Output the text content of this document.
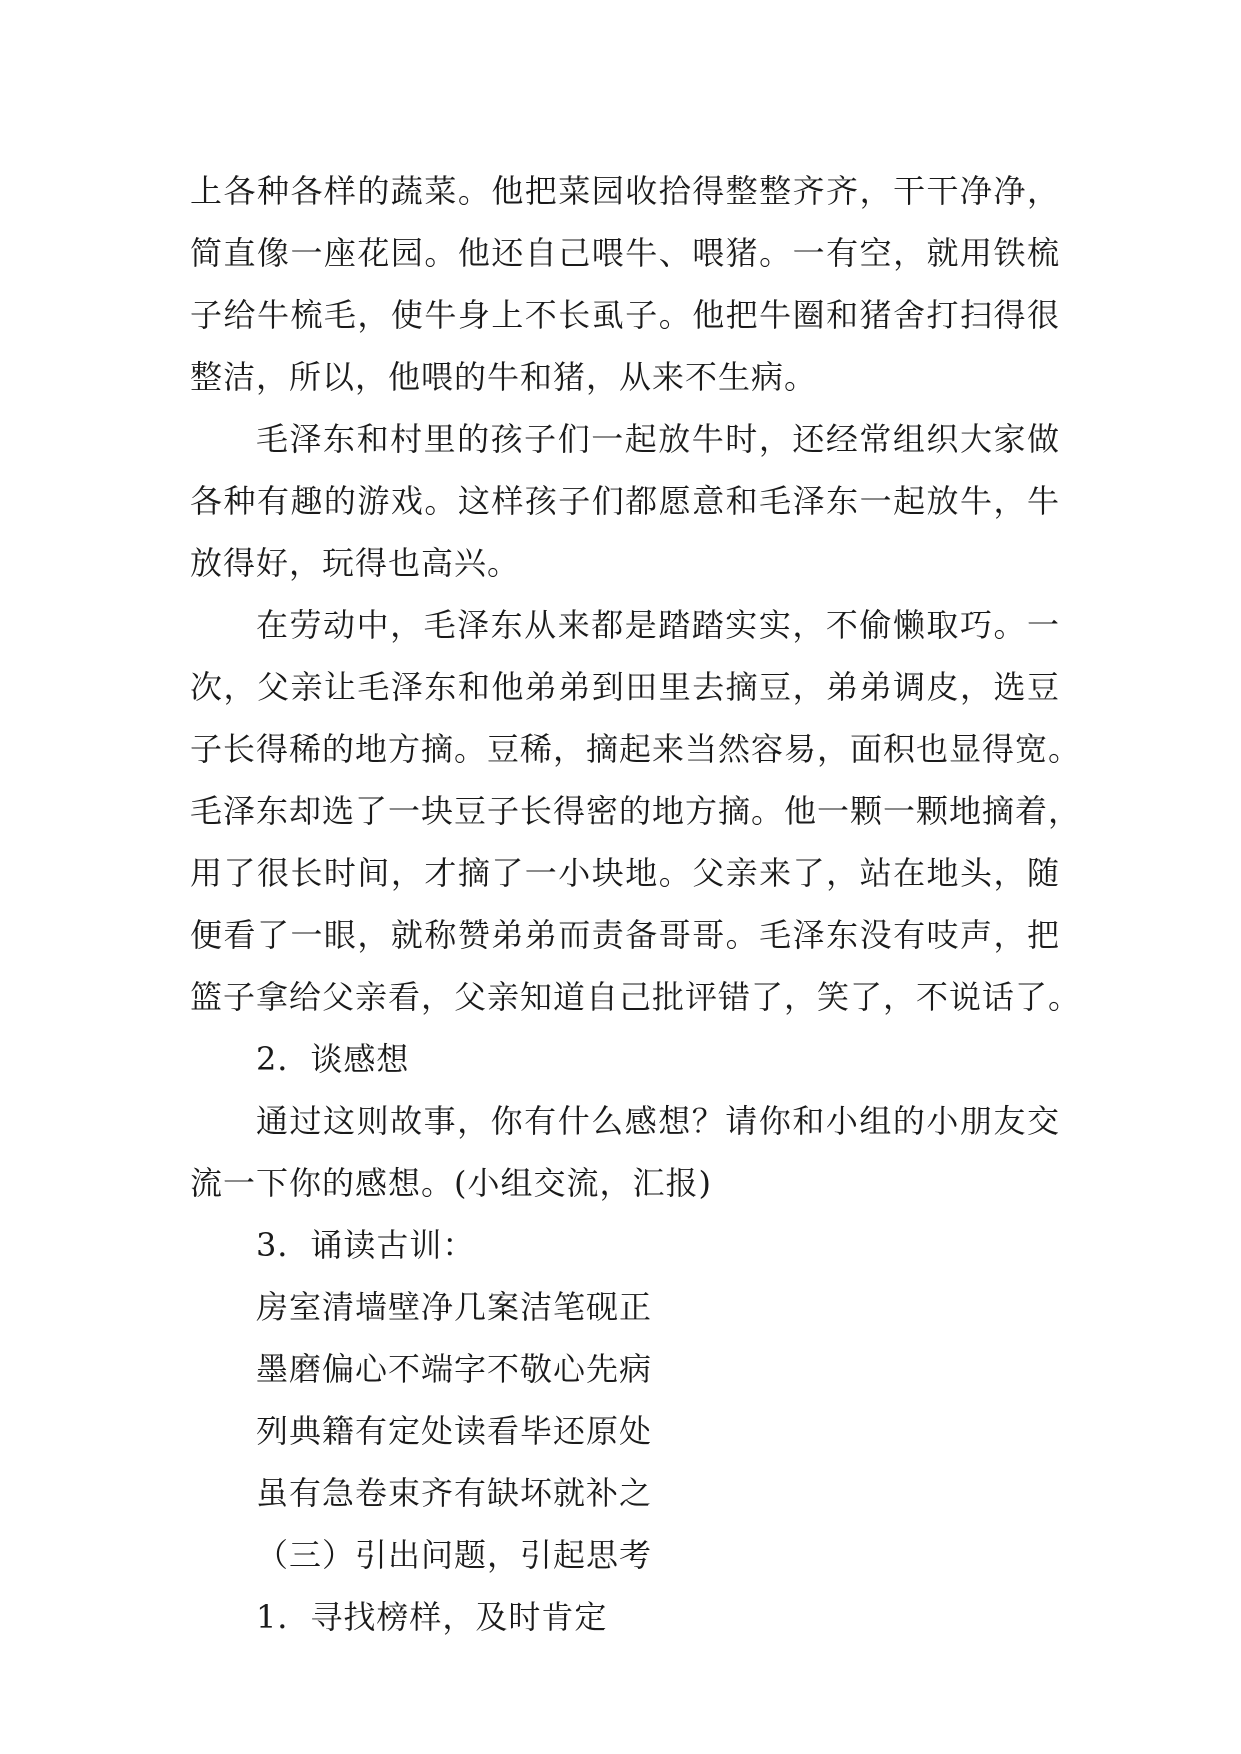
上各种各样的蔬菜。他把菜园收拾得整整齐齐，干干净净，
简直像一座花园。他还自己喂牛、喂猪。一有空，就用铁梳
子给牛梳毛，使牛身上不长虱子。他把牛圈和猪舍打扫得很
整洁，所以，他喂的牛和猪，从来不生病。
毛泽东和村里的孩子们一起放牛时，还经常组织大家做
各种有趣的游戏。这样孩子们都愿意和毛泽东一起放牛，牛
放得好，玩得也高兴。
在劳动中，毛泽东从来都是踏踏实实，不偷懒取巧。一
次，父亲让毛泽东和他弟弟到田里去摘豆，弟弟调皮，选豆
子长得稀的地方摘。豆稀，摘起来当然容易，面积也显得宽。
毛泽东却选了一块豆子长得密的地方摘。他一颗一颗地摘着，
用了很长时间，才摘了一小块地。父亲来了，站在地头，随
便看了一眼，就称赞弟弟而责备哥哥。毛泽东没有吱声，把
篮子拿给父亲看，父亲知道自己批评错了，笑了，不说话了。
2．谈感想
通过这则故事，你有什么感想？请你和小组的小朋友交
流一下你的感想。(小组交流，汇报)
3．诵读古训：
房室清墙壁净几案洁笔砚正
墨磨偏心不端字不敬心先病
列典籍有定处读看毕还原处
虽有急卷束齐有缺坏就补之
（三）引出问题，引起思考
1．寻找榜样，及时肯定
